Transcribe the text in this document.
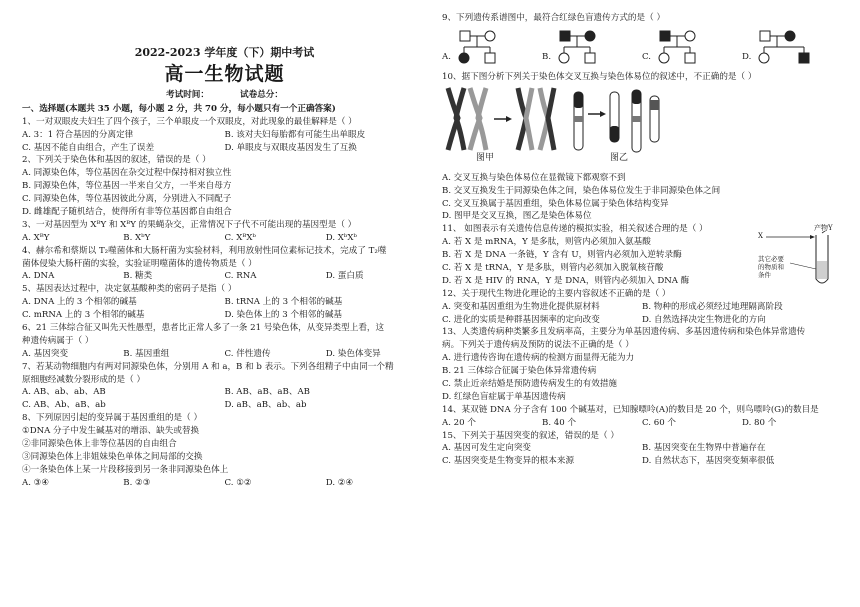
2022-2023 学年度（下）期中考试
高一生物试题
考试时间：	试卷总分：
一、选择题(本题共 35 小题，每小题 2 分，共 70 分，每小题只有一个正确答案)
1、一对双眼皮夫妇生了四个孩子，三个单眼皮一个双眼皮，对此现象的最佳解释是（ ）
A. 3：1 符合基因的分离定律	B. 该对夫妇每胎都有可能生出单眼皮
C. 基因不能自由组合，产生了误差	D. 单眼皮与双眼皮基因发生了互换
2、下列关于染色体和基因的叙述，错误的是（ ）
A. 同源染色体，等位基因在杂交过程中保持相对独立性
B. 同源染色体，等位基因一半来自父方，一半来自母方
C. 同源染色体，等位基因彼此分离，分别进入不同配子
D. 雌雄配子随机结合，使得所有非等位基因都自由组合
3、一对基因型为 XᴮY 和 XᴮY 的果蝇杂交，正常情况下子代不可能出现的基因型是（ ）
A. XᴮY	B. XᵇY	C. XᴮXᵇ	D. XᵇXᵇ
4、赫尔希和蔡斯以 T₂噬菌体和大肠杆菌为实验材料，利用放射性同位素标记技术，完成了 T₂噬
菌体侵染大肠杆菌的实验，实验证明噬菌体的遗传物质是（ ）
A. DNA	B. 糖类	C. RNA	D. 蛋白质
5、基因表达过程中，决定氨基酸种类的密码子是指（ ）
A. DNA 上的 3 个相邻的碱基	B. tRNA 上的 3 个相邻的碱基
C. mRNA 上的 3 个相邻的碱基	D. 染色体上的 3 个相邻的碱基
6、21 三体综合征又叫先天性愚型，患者比正常人多了一条 21 号染色体，从变异类型上看，这
种遗传病属于（ ）
A. 基因突变	B. 基因重组	C. 伴性遗传	D. 染色体变异
7、若某动物细胞内有两对同源染色体，分别用 A 和 a，B 和 b 表示。下列各组精子中由同一个精
原细胞经减数分裂形成的是（ ）
A. AB、ab、ab、AB	B. AB、aB、aB、AB
C. AB、Ab、aB、ab	D. aB、aB、ab、ab
8、下列原因引起的变异属于基因重组的是（ ）
①DNA 分子中发生碱基对的增添、缺失或替换
②非同源染色体上非等位基因的自由组合
③同源染色体上非姐妹染色单体之间局部的交换
④一条染色体上某一片段移接到另一条非同源染色体上
A. ③④	B. ②③	C. ①②	D. ②④
9、下列遗传系谱图中，最符合红绿色盲遗传方式的是（ ）
A.	B.	C.	D.
10、据下图分析下列关于染色体交叉互换与染色体易位的叙述中，不正确的是（ ）
图甲	图乙
A. 交叉互换与染色体易位在显微镜下都观察不到
B. 交叉互换发生于同源染色体之间，染色体易位发生于非同源染色体之间
C. 交叉互换属于基因重组，染色体易位属于染色体结构变异
D. 图甲是交叉互换，图乙是染色体易位
11、 如图表示有关遗传信息传递的模拟实验，相关叙述合理的是（ ）
A. 若 X 是 mRNA，Y 是多肽，则管内必须加入氨基酸
B. 若 X 是 DNA 一条链，Y 含有 U，则管内必须加入逆转录酶
C. 若 X 是 tRNA，Y 是多肽，则管内必须加入脱氧核苷酸
D. 若 X 是 HIV 的 RNA，Y 是 DNA，则管内必须加入 DNA 酶
X
产物Y
其它必要
的物质和
条件
12、关于现代生物进化理论的主要内容叙述不正确的是（ ）
A. 突变和基因重组为生物进化提供原材料	B. 物种的形成必须经过地理隔离阶段
C. 进化的实质是种群基因频率的定向改变	D. 自然选择决定生物进化的方向
13、人类遗传病种类繁多且发病率高，主要分为单基因遗传病、多基因遗传病和染色体异常遗传
病。下列关于遗传病及预防的说法不正确的是（ ）
A. 进行遗传咨询在遗传病的检测方面显得无能为力
B. 21 三体综合征属于染色体异常遗传病
C. 禁止近亲结婚是预防遗传病发生的有效措施
D. 红绿色盲症属于单基因遗传病
14、某双链 DNA 分子含有 100 个碱基对，已知腺嘌呤(A)的数目是 20 个，则鸟嘌呤(G)的数目是
A. 20 个	B. 40 个	C. 60 个	D. 80 个
15、下列关于基因突变的叙述，错误的是（ ）
A. 基因可发生定向突变	B. 基因突变在生物界中普遍存在
C. 基因突变是生物变异的根本来源	D. 自然状态下，基因突变频率很低
